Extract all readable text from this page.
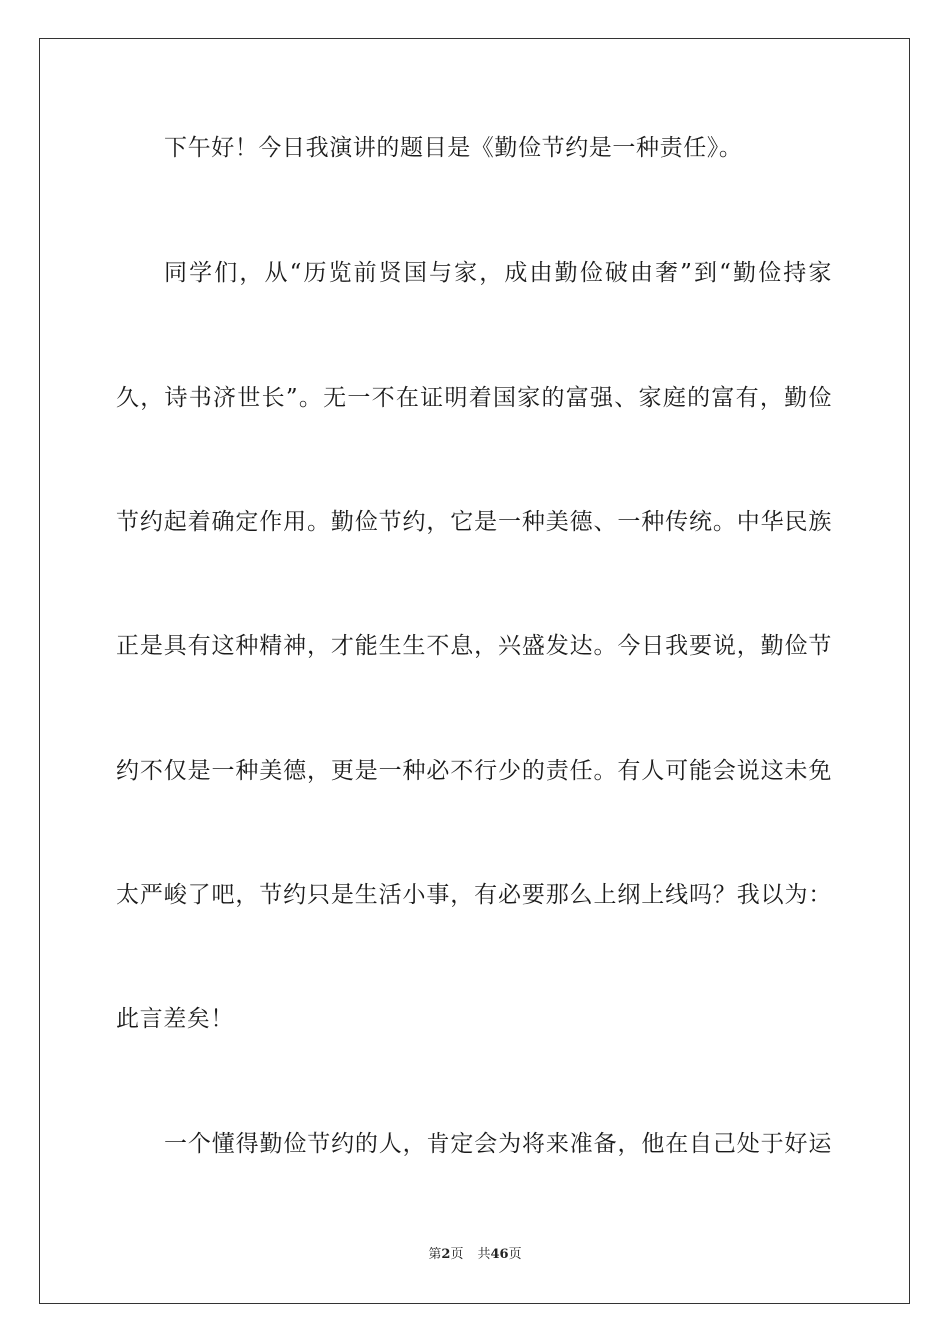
下午好！今日我演讲的题目是《勤俭节约是一种责任》。
同学们，从“历览前贤国与家，成由勤俭破由奢”到“勤俭持家
久，诗书济世长”。无一不在证明着国家的富强、家庭的富有，勤俭
节约起着确定作用。勤俭节约，它是一种美德、一种传统。中华民族
正是具有这种精神，才能生生不息，兴盛发达。今日我要说，勤俭节
约不仅是一种美德，更是一种必不行少的责任。有人可能会说这未免
太严峻了吧，节约只是生活小事，有必要那么上纲上线吗？我以为：
此言差矣！
一个懂得勤俭节约的人，肯定会为将来准备，他在自己处于好运
第2页 共46页
